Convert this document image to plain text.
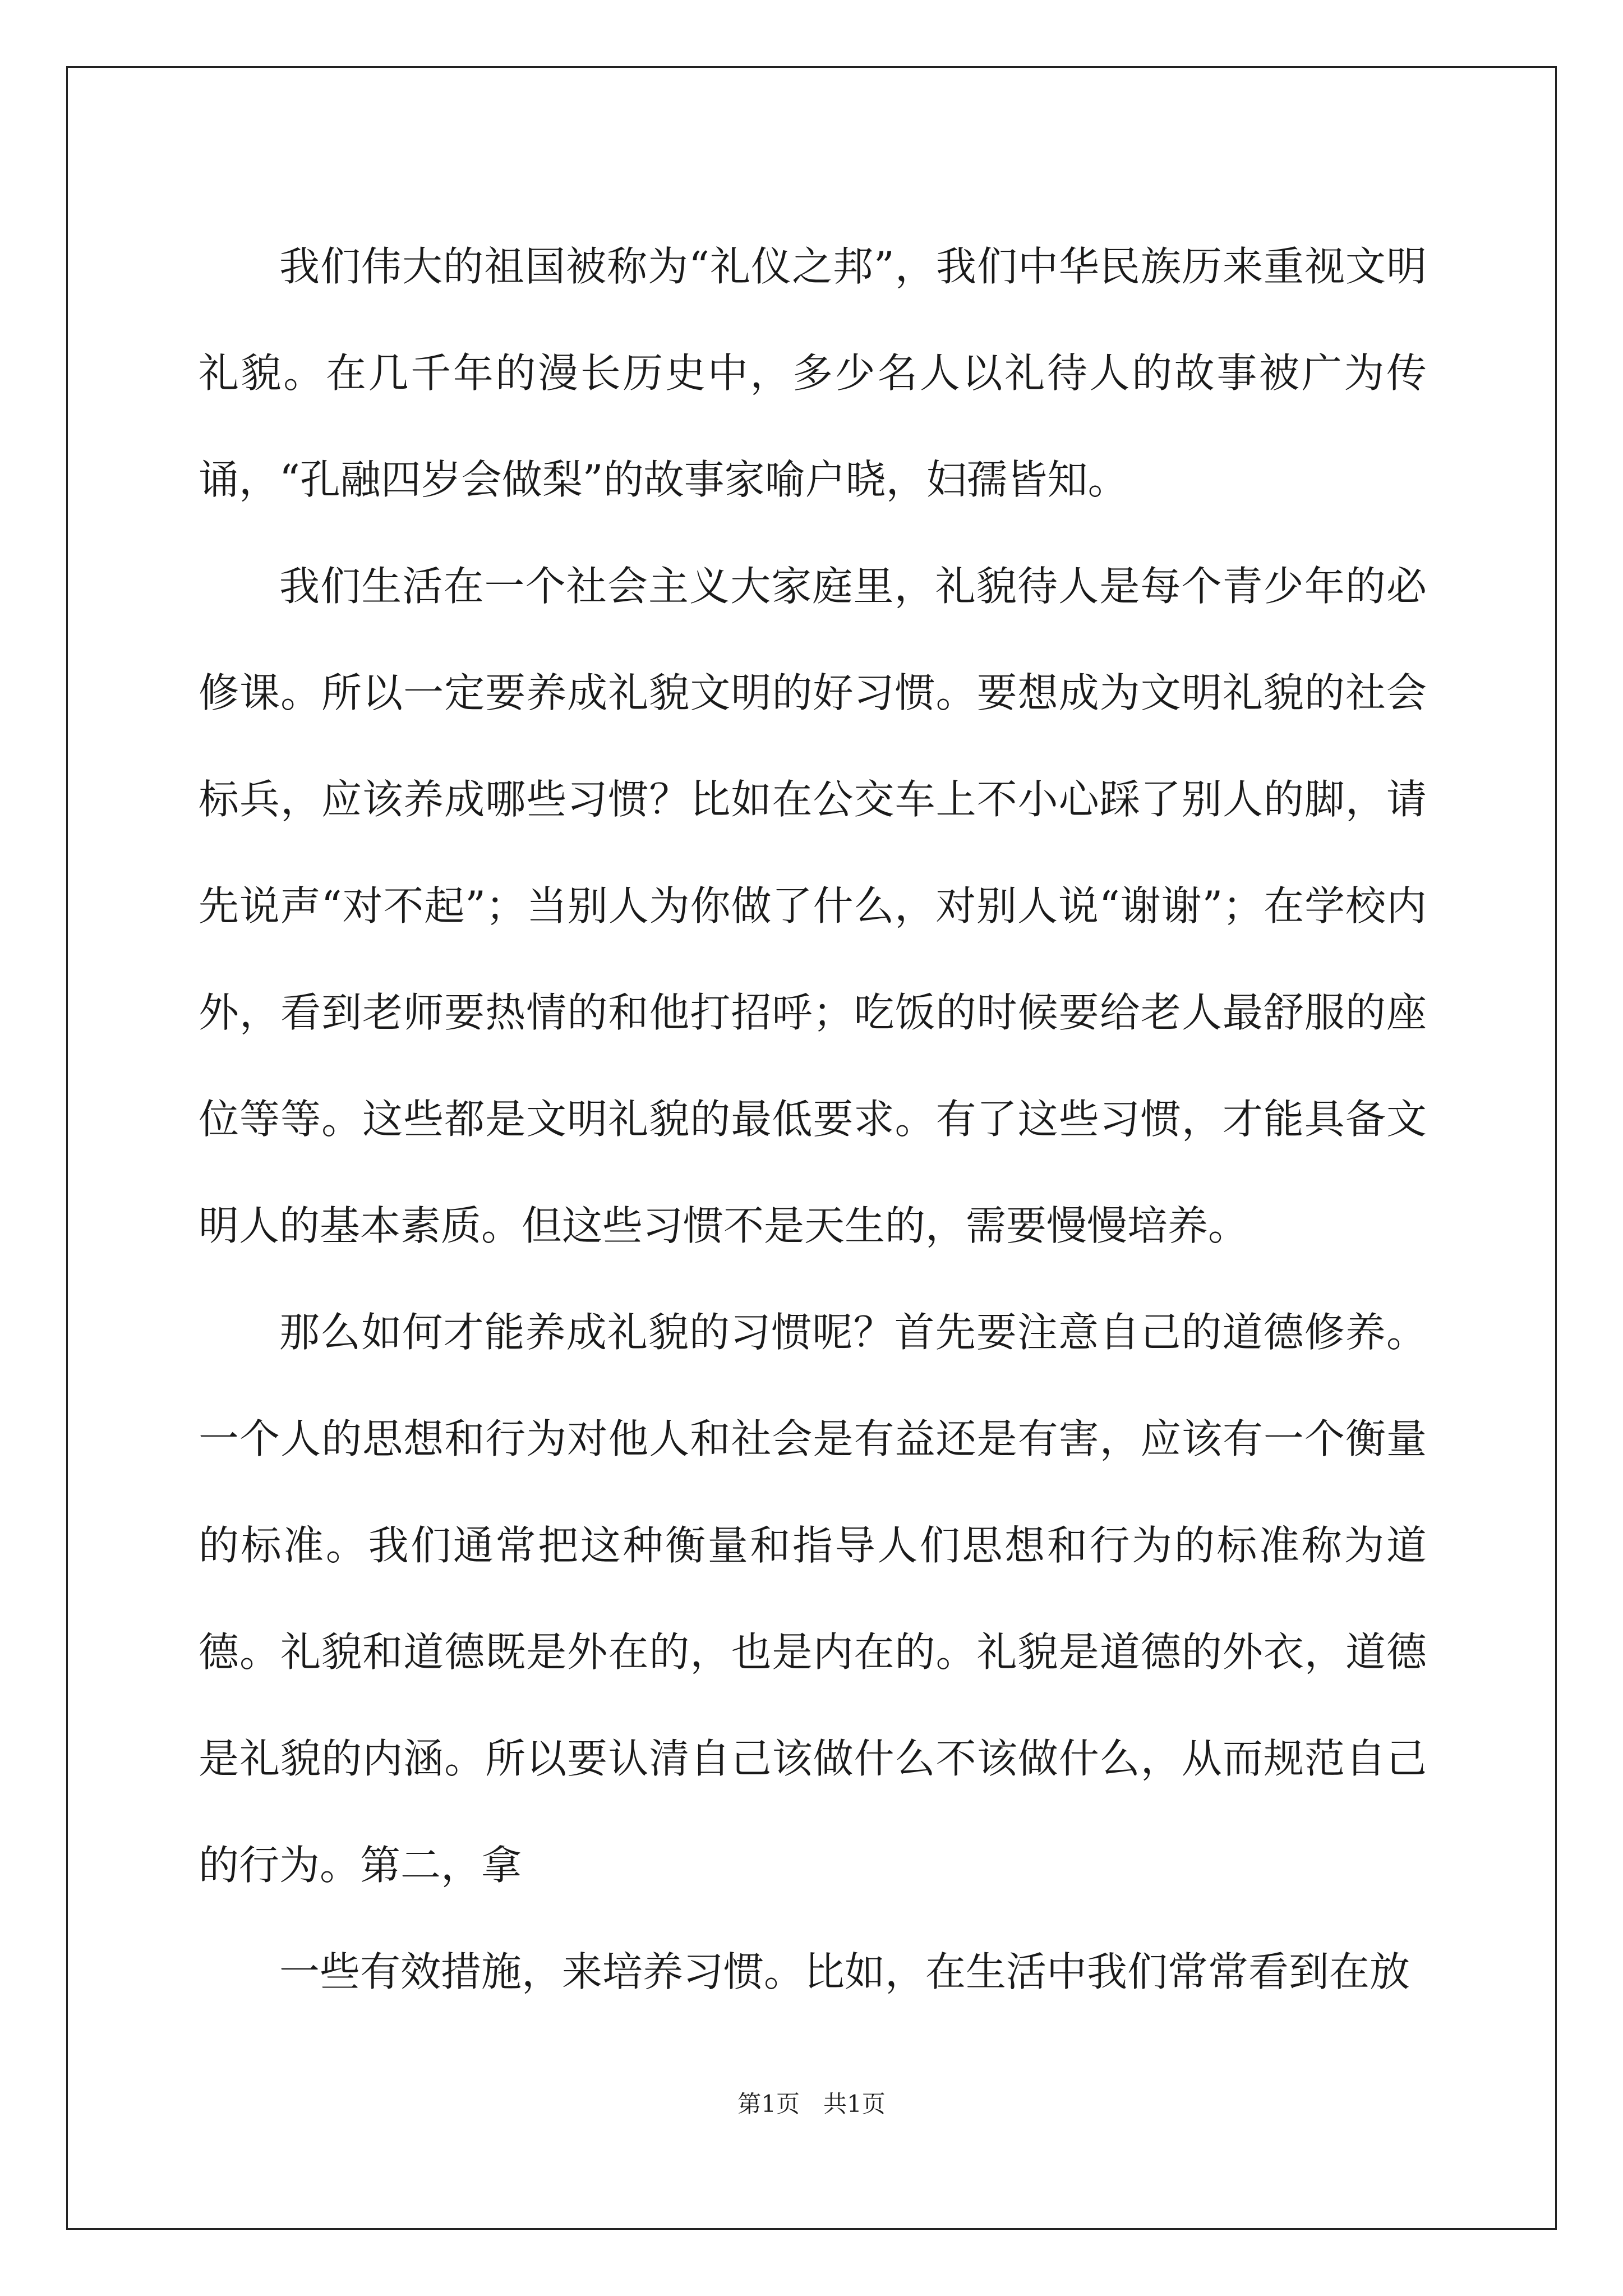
我们伟大的祖国被称为“礼仪之邦”，我们中华民族历来重视文明礼貌。在几千年的漫长历史中，多少名人以礼待人的故事被广为传诵，“孔融四岁会做梨”的故事家喻户晓，妇孺皆知。

我们生活在一个社会主义大家庭里，礼貌待人是每个青少年的必修课。所以一定要养成礼貌文明的好习惯。要想成为文明礼貌的社会标兵，应该养成哪些习惯？比如在公交车上不小心踩了别人的脚，请先说声“对不起”；当别人为你做了什么，对别人说“谢谢”；在学校内外，看到老师要热情的和他打招呼；吃饭的时候要给老人最舒服的座位等等。这些都是文明礼貌的最低要求。有了这些习惯，才能具备文明人的基本素质。但这些习惯不是天生的，需要慢慢培养。

那么如何才能养成礼貌的习惯呢？首先要注意自己的道德修养。一个人的思想和行为对他人和社会是有益还是有害，应该有一个衡量的标准。我们通常把这种衡量和指导人们思想和行为的标准称为道德。礼貌和道德既是外在的，也是内在的。礼貌是道德的外衣，道德是礼貌的内涵。所以要认清自己该做什么不该做什么，从而规范自己的行为。第二，拿

一些有效措施，来培养习惯。比如，在生活中我们常常看到在放

第1页　共1页
